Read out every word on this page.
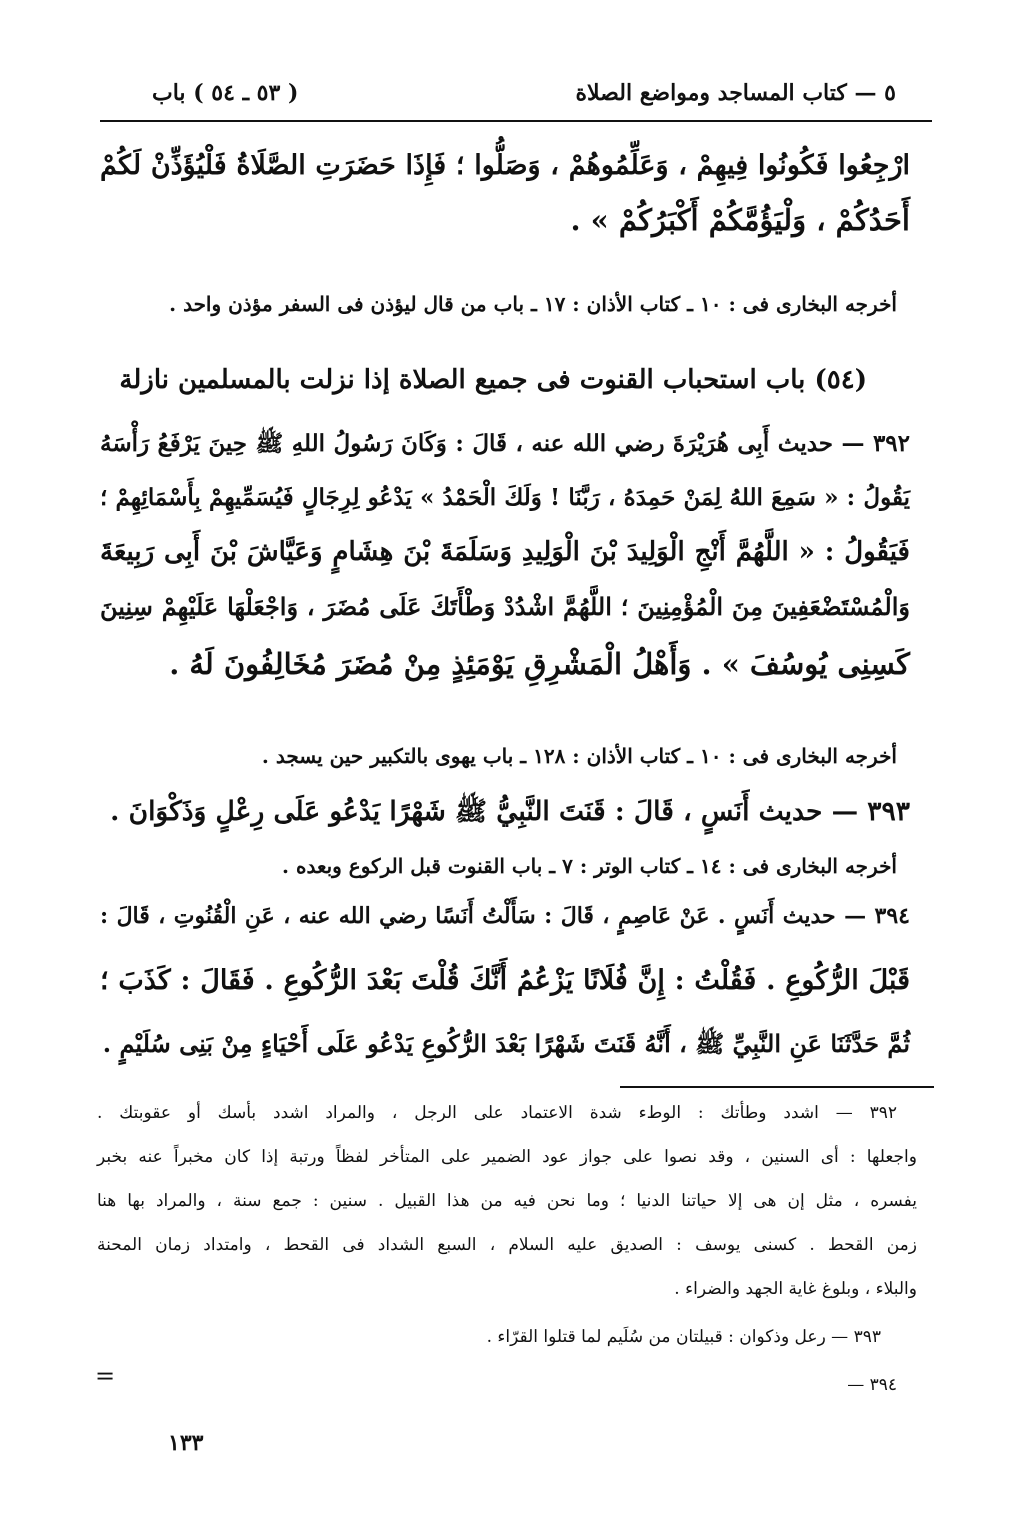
٥ — كتاب المساجد ومواضع الصلاة
( ٥٣ ـ ٥٤ ) باب
ارْجِعُوا فَكُونُوا فِيهِمْ ، وَعَلِّمُوهُمْ ، وَصَلُّوا ؛ فَإِذَا حَضَرَتِ الصَّلَاةُ فَلْيُؤَذِّنْ لَكُمْ
أَحَدُكُمْ ، وَلْيَؤُمَّكُمْ أَكْبَرُكُمْ » .
أخرجه البخارى فى : ١٠ ـ كتاب الأذان : ١٧ ـ باب من قال ليؤذن فى السفر مؤذن واحد .
(٥٤) باب استحباب القنوت فى جميع الصلاة إذا نزلت بالمسلمين نازلة
٣٩٢ — حديث أَبِى هُرَيْرَةَ رضي الله عنه ، قَالَ : وَكَانَ رَسُولُ اللهِ ﷺ حِينَ يَرْفَعُ رَأْسَهُ
يَقُولُ : « سَمِعَ اللهُ لِمَنْ حَمِدَهُ ، رَبَّنَا ! وَلَكَ الْحَمْدُ » يَدْعُو لِرِجَالٍ فَيُسَمِّيهِمْ بِأَسْمَائِهِمْ ؛
فَيَقُولُ : « اللَّهُمَّ أَنْجِ الْوَلِيدَ بْنَ الْوَلِيدِ وَسَلَمَةَ بْنَ هِشَامٍ وَعَيَّاشَ بْنَ أَبِى رَبِيعَةَ
وَالْمُسْتَضْعَفِينَ مِنَ الْمُؤْمِنِينَ ؛ اللَّهُمَّ اشْدُدْ وَطْأَتَكَ عَلَى مُضَرَ ، وَاجْعَلْهَا عَلَيْهِمْ سِنِينَ
كَسِنِى يُوسُفَ » . وَأَهْلُ الْمَشْرِقِ يَوْمَئِذٍ مِنْ مُضَرَ مُخَالِفُونَ لَهُ .
أخرجه البخارى فى : ١٠ ـ كتاب الأذان : ١٢٨ ـ باب يهوى بالتكبير حين يسجد .
٣٩٣ — حديث أَنَسٍ ، قَالَ : قَنَتَ النَّبِيُّ ﷺ شَهْرًا يَدْعُو عَلَى رِعْلٍ وَذَكْوَانَ .
أخرجه البخارى فى : ١٤ ـ كتاب الوتر : ٧ ـ باب القنوت قبل الركوع وبعده .
٣٩٤ — حديث أَنَسٍ . عَنْ عَاصِمٍ ، قَالَ : سَأَلْتُ أَنَسًا رضي الله عنه ، عَنِ الْقُنُوتِ ، قَالَ :
قَبْلَ الرُّكُوعِ . فَقُلْتُ : إِنَّ فُلَانًا يَزْعُمُ أَنَّكَ قُلْتَ بَعْدَ الرُّكُوعِ . فَقَالَ : كَذَبَ ؛
ثُمَّ حَدَّثَنَا عَنِ النَّبِيِّ ﷺ ، أَنَّهُ قَنَتَ شَهْرًا بَعْدَ الرُّكُوعِ يَدْعُو عَلَى أَحْيَاءٍ مِنْ بَنِى سُلَيْمٍ .
٣٩٢ — اشدد وطأتك : الوطء شدة الاعتماد على الرجل ، والمراد اشدد بأسك أو عقوبتك .
واجعلها : أى السنين ، وقد نصوا على جواز عود الضمير على المتأخر لفظاً ورتبة إذا كان مخبراً عنه بخبر
يفسره ، مثل إن هى إلا حياتنا الدنيا ؛ وما نحن فيه من هذا القبيل . سنين : جمع سنة ، والمراد بها هنا
زمن القحط . كسنى يوسف : الصديق عليه السلام ، السبع الشداد فى القحط ، وامتداد زمان المحنة
والبلاء ، وبلوغ غاية الجهد والضراء .
٣٩٣ — رعل وذكوان : قبيلتان من سُلَيم لما قتلوا القرّاء .
٣٩٤ —
=
١٣٣
